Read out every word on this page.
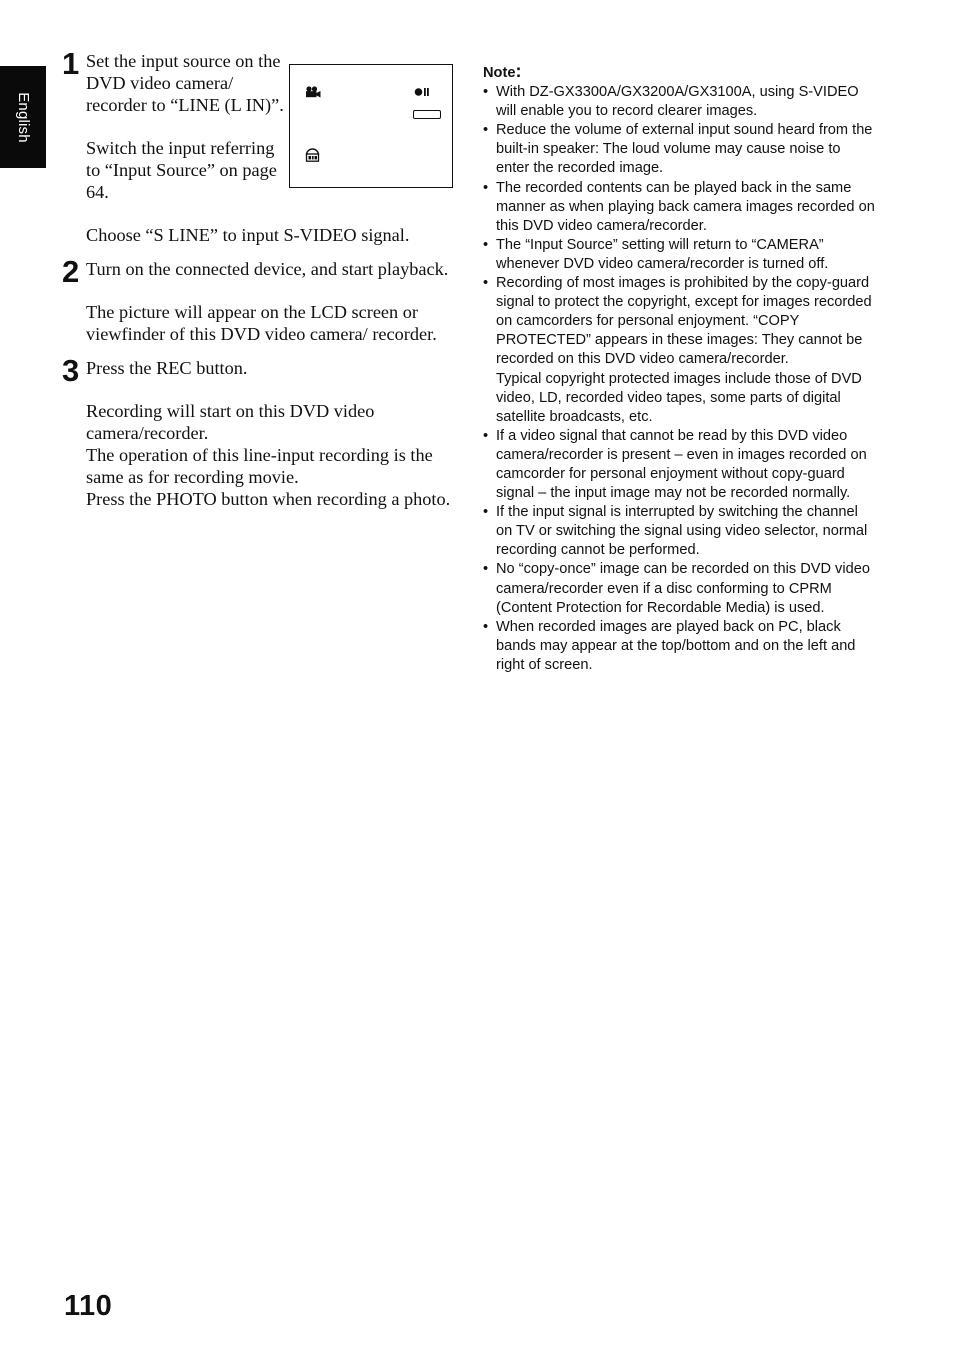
English
1 Set the input source on the DVD video camera/ recorder to “LINE (L IN)”.

Switch the input referring to “Input Source” on page 64.

Choose “S LINE” to input S-VIDEO signal.

2 Turn on the connected device, and start playback.

The picture will appear on the LCD screen or viewfinder of this DVD video camera/ recorder.

3 Press the REC button.

Recording will start on this DVD video camera/recorder.

The operation of this line-input recording is the same as for recording movie.

Press the PHOTO button when recording a photo.

Note:
• With DZ-GX3300A/GX3200A/GX3100A, using S-VIDEO will enable you to record clearer images.
• Reduce the volume of external input sound heard from the built-in speaker: The loud volume may cause noise to enter the recorded image.
• The recorded contents can be played back in the same manner as when playing back camera images recorded on this DVD video camera/recorder.
• The “Input Source” setting will return to “CAMERA” whenever DVD video camera/recorder is turned off.
• Recording of most images is prohibited by the copy-guard signal to protect the copyright, except for images recorded on camcorders for personal enjoyment. “COPY PROTECTED” appears in these images: They cannot be recorded on this DVD video camera/recorder.
Typical copyright protected images include those of DVD video, LD, recorded video tapes, some parts of digital satellite broadcasts, etc.
• If a video signal that cannot be read by this DVD video camera/recorder is present – even in images recorded on camcorder for personal enjoyment without copy-guard signal – the input image may not be recorded normally.
• If the input signal is interrupted by switching the channel on TV or switching the signal using video selector, normal recording cannot be performed.
• No “copy-once” image can be recorded on this DVD video camera/recorder even if a disc conforming to CPRM (Content Protection for Recordable Media) is used.
• When recorded images are played back on PC, black bands may appear at the top/bottom and on the left and right of screen.
110
